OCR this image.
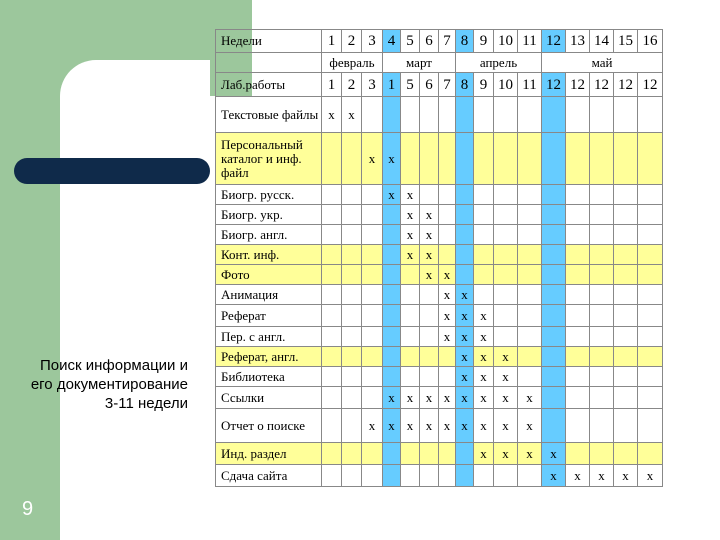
Поиск информации и его документирование 3-11 недели
9
Недели	1	2	3	4	5	6	7	8	9	10	11	12	13	14	15	16
	февраль			март				апрель				май				
Лаб.работы	1	2	3	1	5	6	7	8	9	10	11	12	12	12	12	12
Текстовые файлы	x	x														
Персональный каталог и инф. файл			x	x												
Биогр. русск.				x	x											
Биогр. укр.					x	x										
Биогр. англ.					x	x										
Конт. инф.					x	x										
Фото						x	x									
Анимация							x	x								
Реферат							x	x	x							
Пер. с англ.							x	x	x							
Реферат, англ.								x	x	x						
Библиотека								x	x	x						
Ссылки				x	x	x	x	x	x	x	x					
Отчет о поиске			x	x	x	x	x	x	x	x	x					
Инд. раздел									x	x	x	x				
Сдача сайта												x	x	x	x	x
